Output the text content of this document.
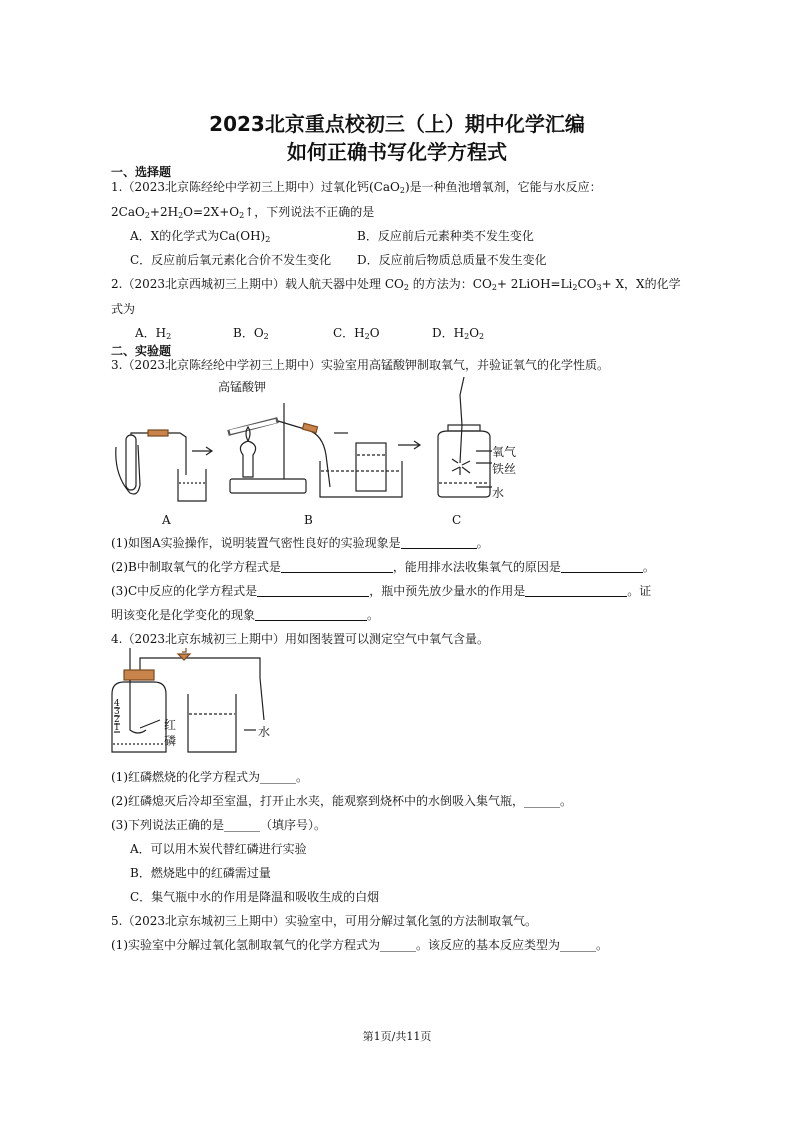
2023北京重点校初三（上）期中化学汇编
如何正确书写化学方程式
一、选择题
1.（2023北京陈经纶中学初三上期中）过氧化钙(CaO$_2$)是一种鱼池增氧剂，它能与水反应：
$2CaO_2+2H_2O=2X+O_2↑$，下列说法不正确的是
A．X的化学式为$Ca(OH)_2$	B．反应前后元素种类不发生变化
C．反应前后氧元素化合价不发生变化 D．反应前后物质总质量不发生变化
2.（2023北京西城初三上期中）载人航天器中处理 $CO_2$ 的方法为：$CO_2+$ $2LiOH=Li_2CO_3+ X$，X的化学
式为
A．$H_2$	B．$O_2$	C．$H_2O$	D．$H_2O_2$
二、实验题
3.（2023北京陈经纶中学初三上期中）实验室用高锰酸钾制取氧气，并验证氧气的化学性质。
高锰酸钾
氧气
铁丝
水
A	B	C
(1)如图A实验操作，说明装置气密性良好的实验现象是	。
(2)B中制取氧气的化学方程式是	，能用排水法收集氧气的原因是	。
(3)C中反应的化学方程式是	，瓶中预先放少量水的作用是	。证
明该变化是化学变化的现象	。
4.（2023北京东城初三上期中）用如图装置可以测定空气中氧气含量。
4
3
2
1	红
磷
水
(1)红磷燃烧的化学方程式为______。
(2)红磷熄灭后冷却至室温，打开止水夹，能观察到烧杯中的水倒吸入集气瓶，______。
(3)下列说法正确的是______（填序号）。
A．可以用木炭代替红磷进行实验
B．燃烧匙中的红磷需过量
C．集气瓶中水的作用是降温和吸收生成的白烟
5.（2023北京东城初三上期中）实验室中，可用分解过氧化氢的方法制取氧气。
(1)实验室中分解过氧化氢制取氧气的化学方程式为______。该反应的基本反应类型为______。
第1页/共11页
